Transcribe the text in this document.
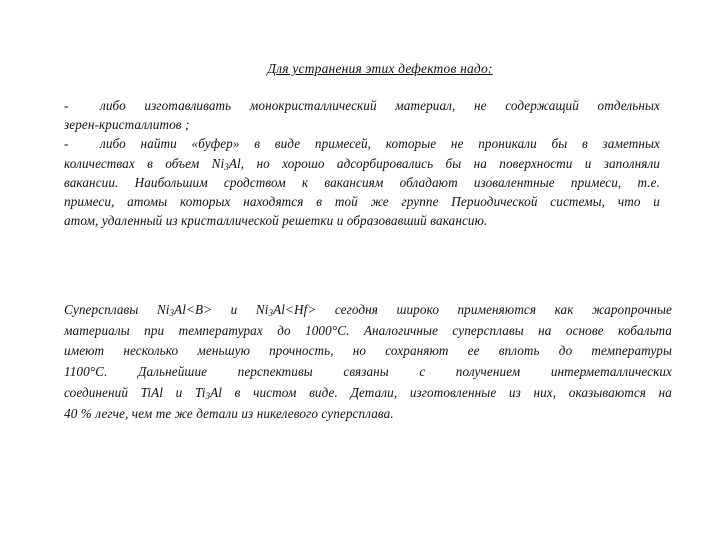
Для устранения этих дефектов надо:
- либо изготавливать монокристаллический материал, не содержащий отдельных
зерен-кристаллитов ;
- либо найти «буфер» в виде примесей, которые не проникали бы в заметных
количествах в объем $Ni_3Al$, но хорошо адсорбировались бы на поверхности и заполняли
вакансии. Наибольшим сродством к вакансиям обладают изовалентные примеси, т.е.
примеси, атомы которых находятся в той же группе Периодической системы, что и
атом, удаленный из кристаллической решетки и образовавший вакансию.
Суперсплавы $Ni_3Al<B> и$ $Ni_3Al<Hf>$ сегодня широко применяются как жаропрочные
материалы при температурах до 1000°C. Аналогичные суперсплавы на основе кобальта
имеют несколько меньшую прочность, но сохраняют ее вплоть до температуры
1100°C. Дальнейшие перспективы связаны с получением интерметаллических
соединений TiAl и $Ti_3Al$ в чистом виде. Детали, изготовленные из них, оказываются на
40 % легче, чем те же детали из никелевого суперсплава.
